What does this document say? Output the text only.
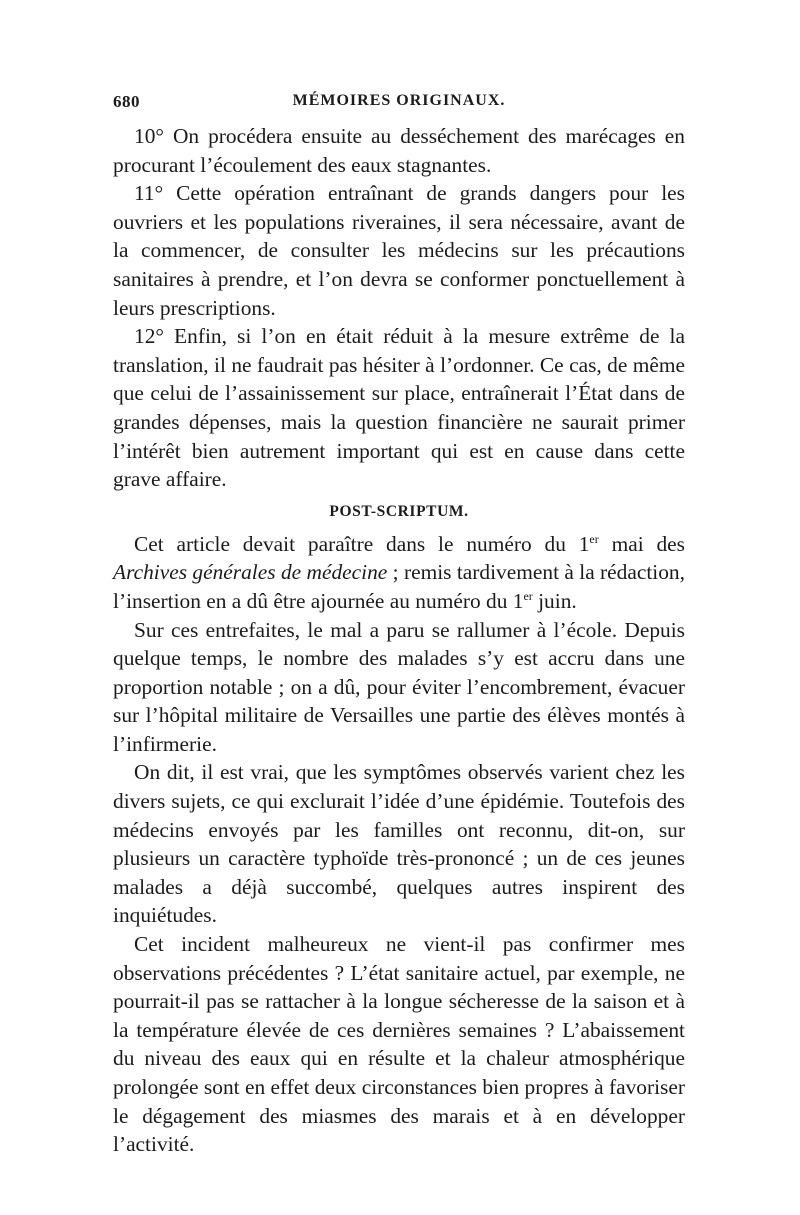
680	MÉMOIRES ORIGINAUX.

10° On procédera ensuite au desséchement des marécages en procurant l’écoulement des eaux stagnantes.

11° Cette opération entraînant de grands dangers pour les ouvriers et les populations riveraines, il sera nécessaire, avant de la commencer, de consulter les médecins sur les précautions sanitaires à prendre, et l’on devra se conformer ponctuellement à leurs prescriptions.

12° Enfin, si l’on en était réduit à la mesure extrême de la translation, il ne faudrait pas hésiter à l’ordonner. Ce cas, de même que celui de l’assainissement sur place, entraînerait l’État dans de grandes dépenses, mais la question financière ne saurait primer l’intérêt bien autrement important qui est en cause dans cette grave affaire.

POST-SCRIPTUM.

Cet article devait paraître dans le numéro du 1er mai des Archives générales de médecine ; remis tardivement à la rédaction, l’insertion en a dû être ajournée au numéro du 1er juin.

Sur ces entrefaites, le mal a paru se rallumer à l’école. Depuis quelque temps, le nombre des malades s’y est accru dans une proportion notable ; on a dû, pour éviter l’encombrement, évacuer sur l’hôpital militaire de Versailles une partie des élèves montés à l’infirmerie.

On dit, il est vrai, que les symptômes observés varient chez les divers sujets, ce qui exclurait l’idée d’une épidémie. Toutefois des médecins envoyés par les familles ont reconnu, dit-on, sur plusieurs un caractère typhoïde très-prononcé ; un de ces jeunes malades a déjà succombé, quelques autres inspirent des inquiétudes.

Cet incident malheureux ne vient-il pas confirmer mes observations précédentes ? L’état sanitaire actuel, par exemple, ne pourrait-il pas se rattacher à la longue sécheresse de la saison et à la température élevée de ces dernières semaines ? L’abaissement du niveau des eaux qui en résulte et la chaleur atmosphérique prolongée sont en effet deux circonstances bien propres à favoriser le dégagement des miasmes des marais et à en développer l’activité.
